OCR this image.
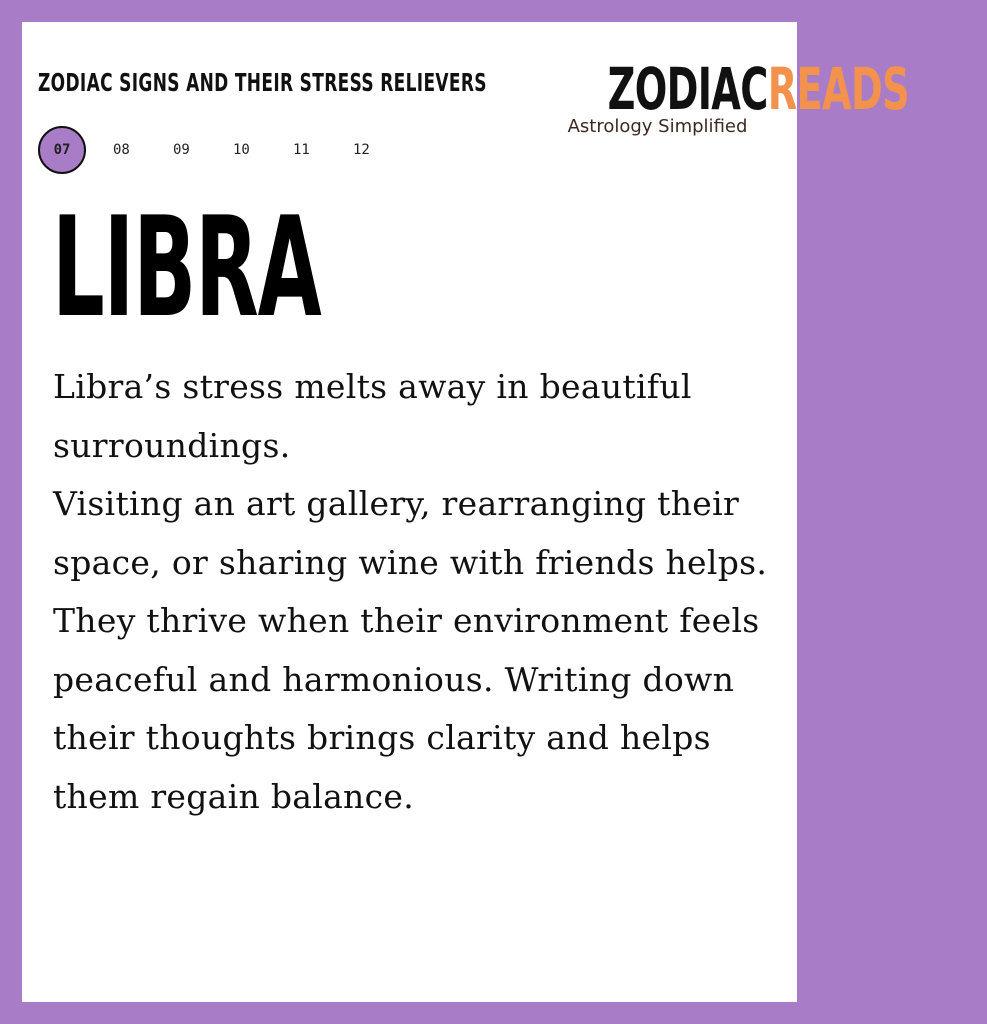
ZODIAC SIGNS AND THEIR STRESS RELIEVERS	ZODIACREADS
Astrology Simplified
07	08	09	10	11	12
LIBRA

Libra’s stress melts away in beautiful surroundings.

Visiting an art gallery, rearranging their space, or sharing wine with friends helps.

They thrive when their environment feels peaceful and harmonious. Writing down their thoughts brings clarity and helps them regain balance.
